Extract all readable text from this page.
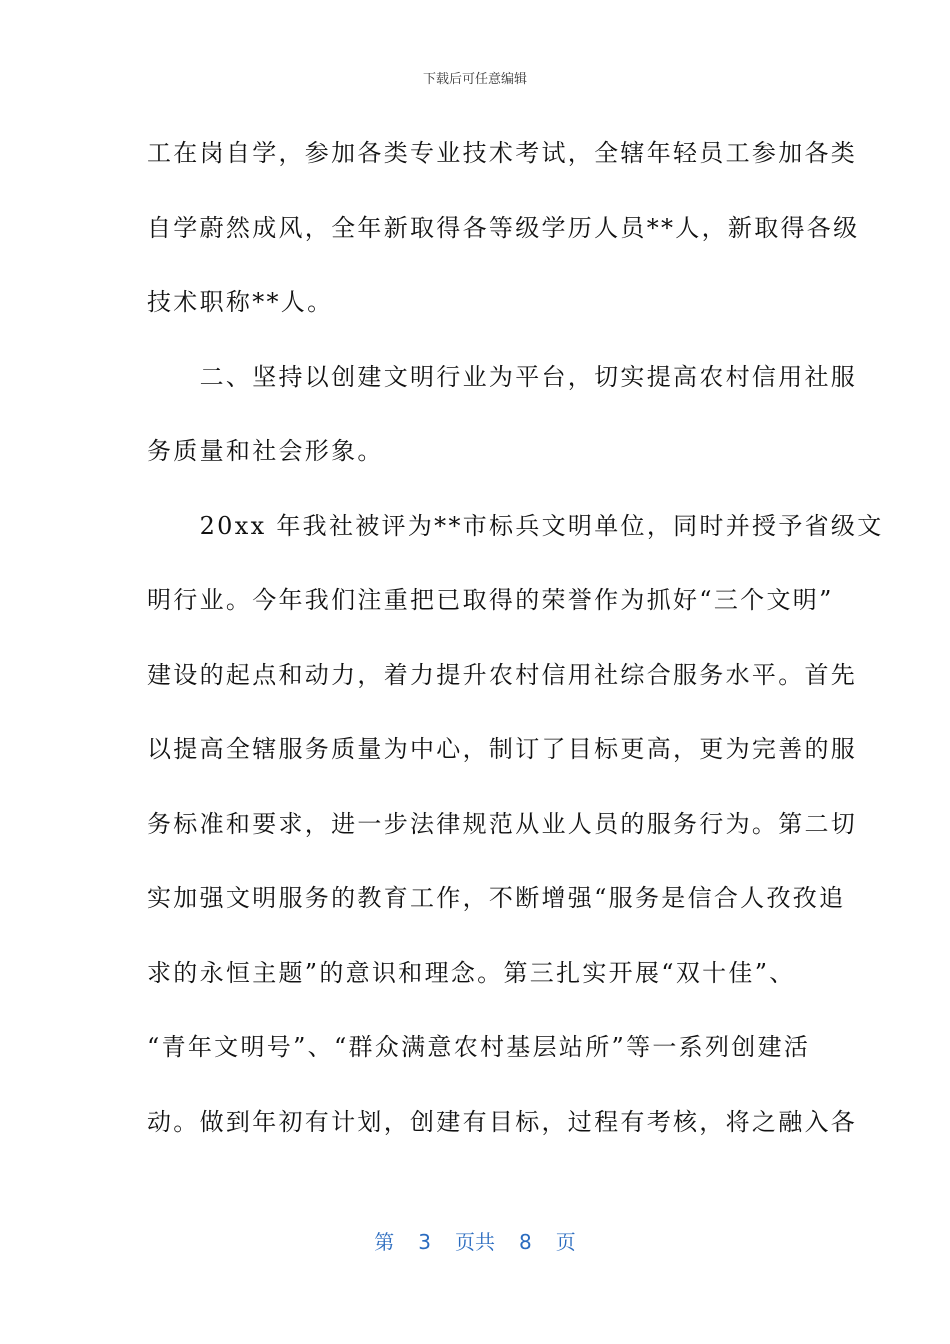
下载后可任意编辑
工在岗自学，参加各类专业技术考试，全辖年轻员工参加各类
自学蔚然成风，全年新取得各等级学历人员**人，新取得各级
技术职称**人。
　　二、坚持以创建文明行业为平台，切实提高农村信用社服
务质量和社会形象。
　　20xx 年我社被评为**市标兵文明单位，同时并授予省级文
明行业。今年我们注重把已取得的荣誉作为抓好“三个文明”
建设的起点和动力，着力提升农村信用社综合服务水平。首先
以提高全辖服务质量为中心，制订了目标更高，更为完善的服
务标准和要求，进一步法律规范从业人员的服务行为。第二切
实加强文明服务的教育工作，不断增强“服务是信合人孜孜追
求的永恒主题”的意识和理念。第三扎实开展“双十佳”、
“青年文明号”、“群众满意农村基层站所”等一系列创建活
动。做到年初有计划，创建有目标，过程有考核，将之融入各
第 3 页共 8 页
